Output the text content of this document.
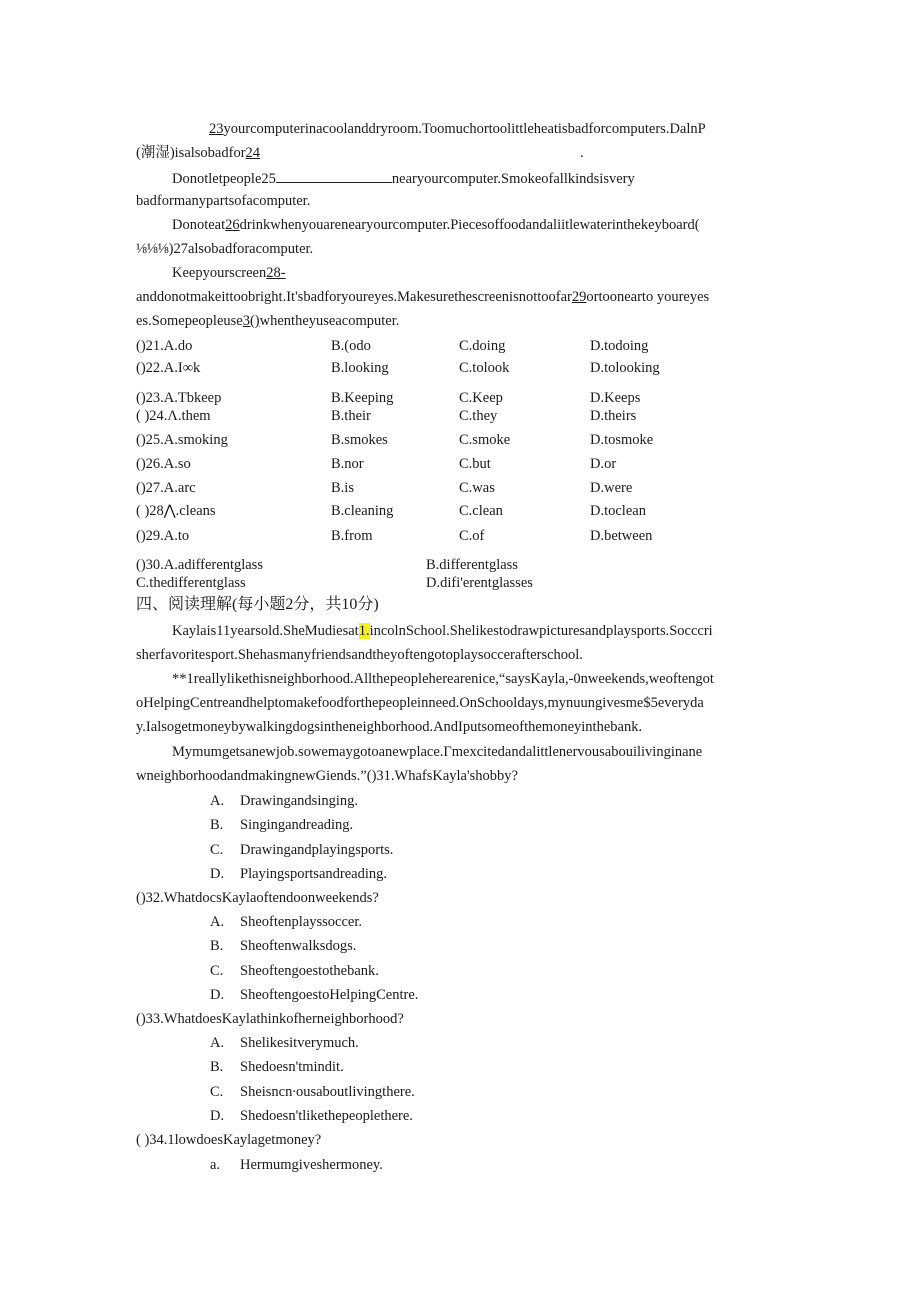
23yourcomputerinacoolanddryroom.Toomuchortoolittleheatisbadforcomputers.DalnP
(潮湿)isalsobadfor24	.
Donotletpeople25	nearyourcomputer.Smokeofallkindsisvery
badformanypartsofacomputer.
Donoteat26drinkwhenyouarenearyourcomputer.Piecesoffoodandaliitlewaterinthekeyboard(
⅛⅛⅛)27alsobadforacomputer.
Keepyourscreen28-
anddonotmakeittoobright.It'sbadforyoureyes.Makesurethescreenisnottoofar29ortoonearto youreyes
es.Somepeopleuse3()whentheyuseacomputer.
()21.A.do	B.(odo	C.doing	D.todoing
()22.A.I∞k	B.looking	C.tolook	D.tolooking
()23.A.Tbkeep	B.Keeping	C.Keep	D.Keeps
( )24.Λ.them	B.their	C.they	D.theirs
()25.A.smoking	B.smokes	C.smoke	D.tosmoke
()26.A.so	B.nor	C.but	D.or
()27.A.arc	B.is	C.was	D.were
( )28⋀.cleans	B.cleaning	C.clean	D.toclean
()29.A.to	B.from	C.of	D.between
()30.A.adifferentglass	B.differentglass
C.thedifferentglass	D.difi'erentglasses
四、阅读理解(每小题2分，共10分)
Kaylais11yearsold.SheMudiesat1.incolnSchool.Shelikestodrawpicturesandplaysports.Socccri
sherfavoritesport.Shehasmanyfriendsandtheyoftengotoplaysoccerafterschool.
**1reallylikethisneighborhood.Allthepeopleherearenice,“saysKayla,-0nweekends,weoftengot
oHelpingCentreandhelptomakefoodforthepeopleinneed.OnSchooldays,mynuungivesme$5everyda
y.Ialsogetmoneybywalkingdogsintheneighborhood.AndIputsomeofthemoneyinthebank.
Mymumgetsanewjob.sowemaygotoanewplace.Γmexcitedandalittlenervousabouilivinginane
wneighborhoodandmakingnewGiends.”()31.WhafsKayla'shobby?
A. Drawingandsinging.
B. Singingandreading.
C. Drawingandplayingsports.
D. Playingsportsandreading.
()32.WhatdocsKaylaoftendoonweekends?
A. Sheoftenplayssoccer.
B. Sheoftenwalksdogs.
C. Sheoftengoestothebank.
D. SheoftengoestoHelpingCentre.
()33.WhatdoesKaylathinkofherneighborhood?
A. Shelikesitverymuch.
B. Shedoesn'tmindit.
C. Sheisncn∙ousaboutlivingthere.
D. Shedoesn'tlikethepeoplethere.
( )34.1lowdoesKaylagetmoney?
a. Hermumgiveshermoney.
